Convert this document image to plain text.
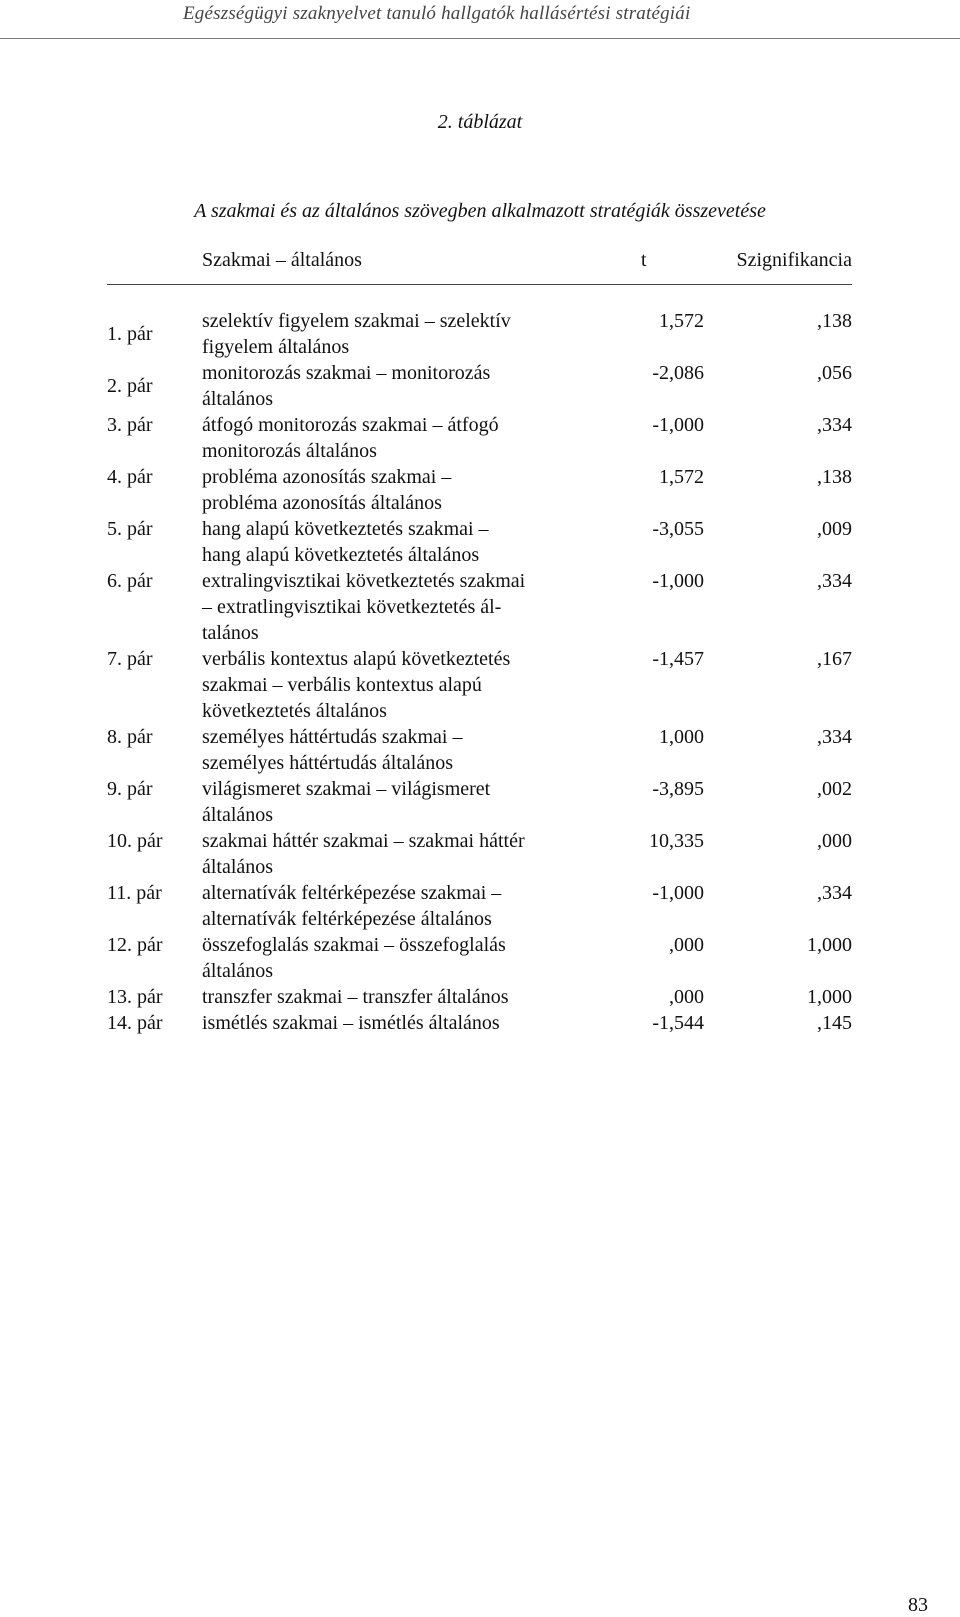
Egészségügyi szaknyelvet tanuló hallgatók hallásértési stratégiái
2. táblázat
A szakmai és az általános szövegben alkalmazott stratégiák összevetése
Szakmai – általános	t	Szignifikancia
1. pár
szelektív figyelem szakmai – szelektív
figyelem általános
1,572	,138
2. pár
monitorozás szakmai – monitorozás
általános
-2,086	,056
3. pár átfogó monitorozás szakmai – átfogó
monitorozás általános
-1,000	,334
4. pár probléma azonosítás szakmai –
probléma azonosítás általános
1,572	,138
5. pár hang alapú következtetés szakmai –
hang alapú következtetés általános
-3,055	,009
6. pár extralingvisztikai következtetés szakmai
– extratlingvisztikai következtetés ál-
talános
-1,000	,334
7. pár verbális kontextus alapú következtetés
szakmai – verbális kontextus alapú
következtetés általános
-1,457	,167
8. pár személyes háttértudás szakmai –
személyes háttértudás általános
1,000	,334
9. pár világismeret szakmai – világismeret
általános
-3,895	,002
10. pár szakmai háttér szakmai – szakmai háttér
általános
10,335	,000
11. pár alternatívák feltérképezése szakmai –
alternatívák feltérképezése általános
-1,000	,334
12. pár összefoglalás szakmai – összefoglalás
általános
,000	1,000
13. pár transzfer szakmai – transzfer általános	,000	1,000
14. pár ismétlés szakmai – ismétlés általános	-1,544	,145
83
